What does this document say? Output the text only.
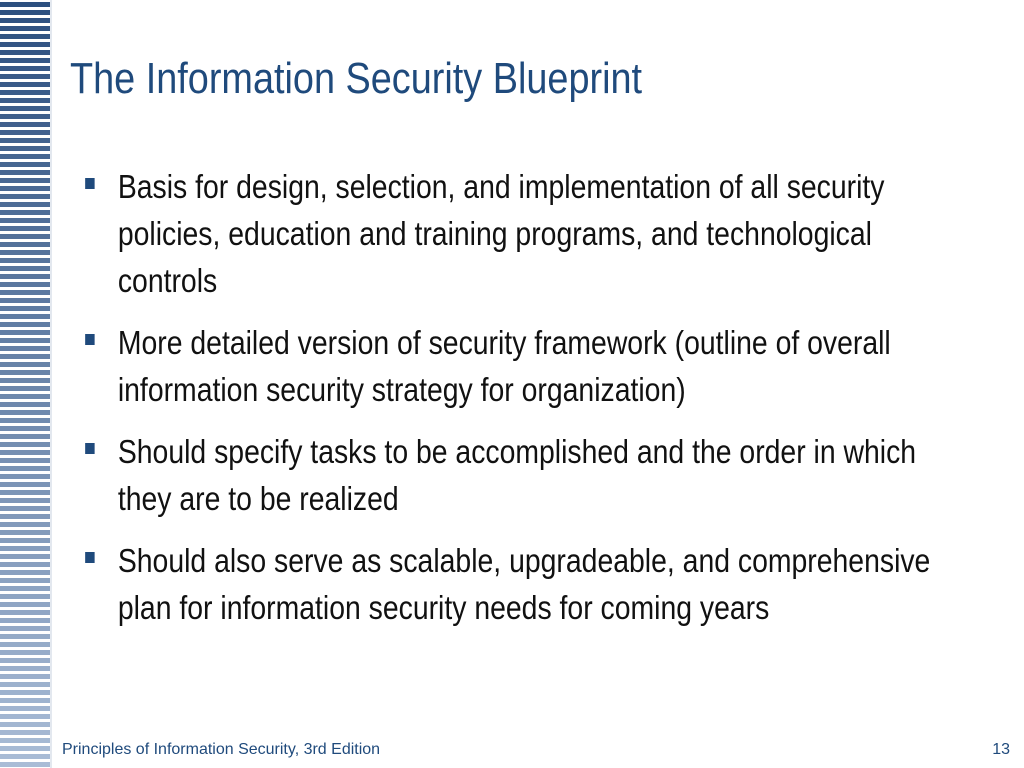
The Information Security Blueprint
Basis for design, selection, and implementation of all security policies, education and training programs, and technological controls
More detailed version of security framework (outline of overall information security strategy for organization)
Should specify tasks to be accomplished and the order in which they are to be realized
Should also serve as scalable, upgradeable, and comprehensive plan for information security needs for coming years
Principles of Information Security, 3rd Edition	13
